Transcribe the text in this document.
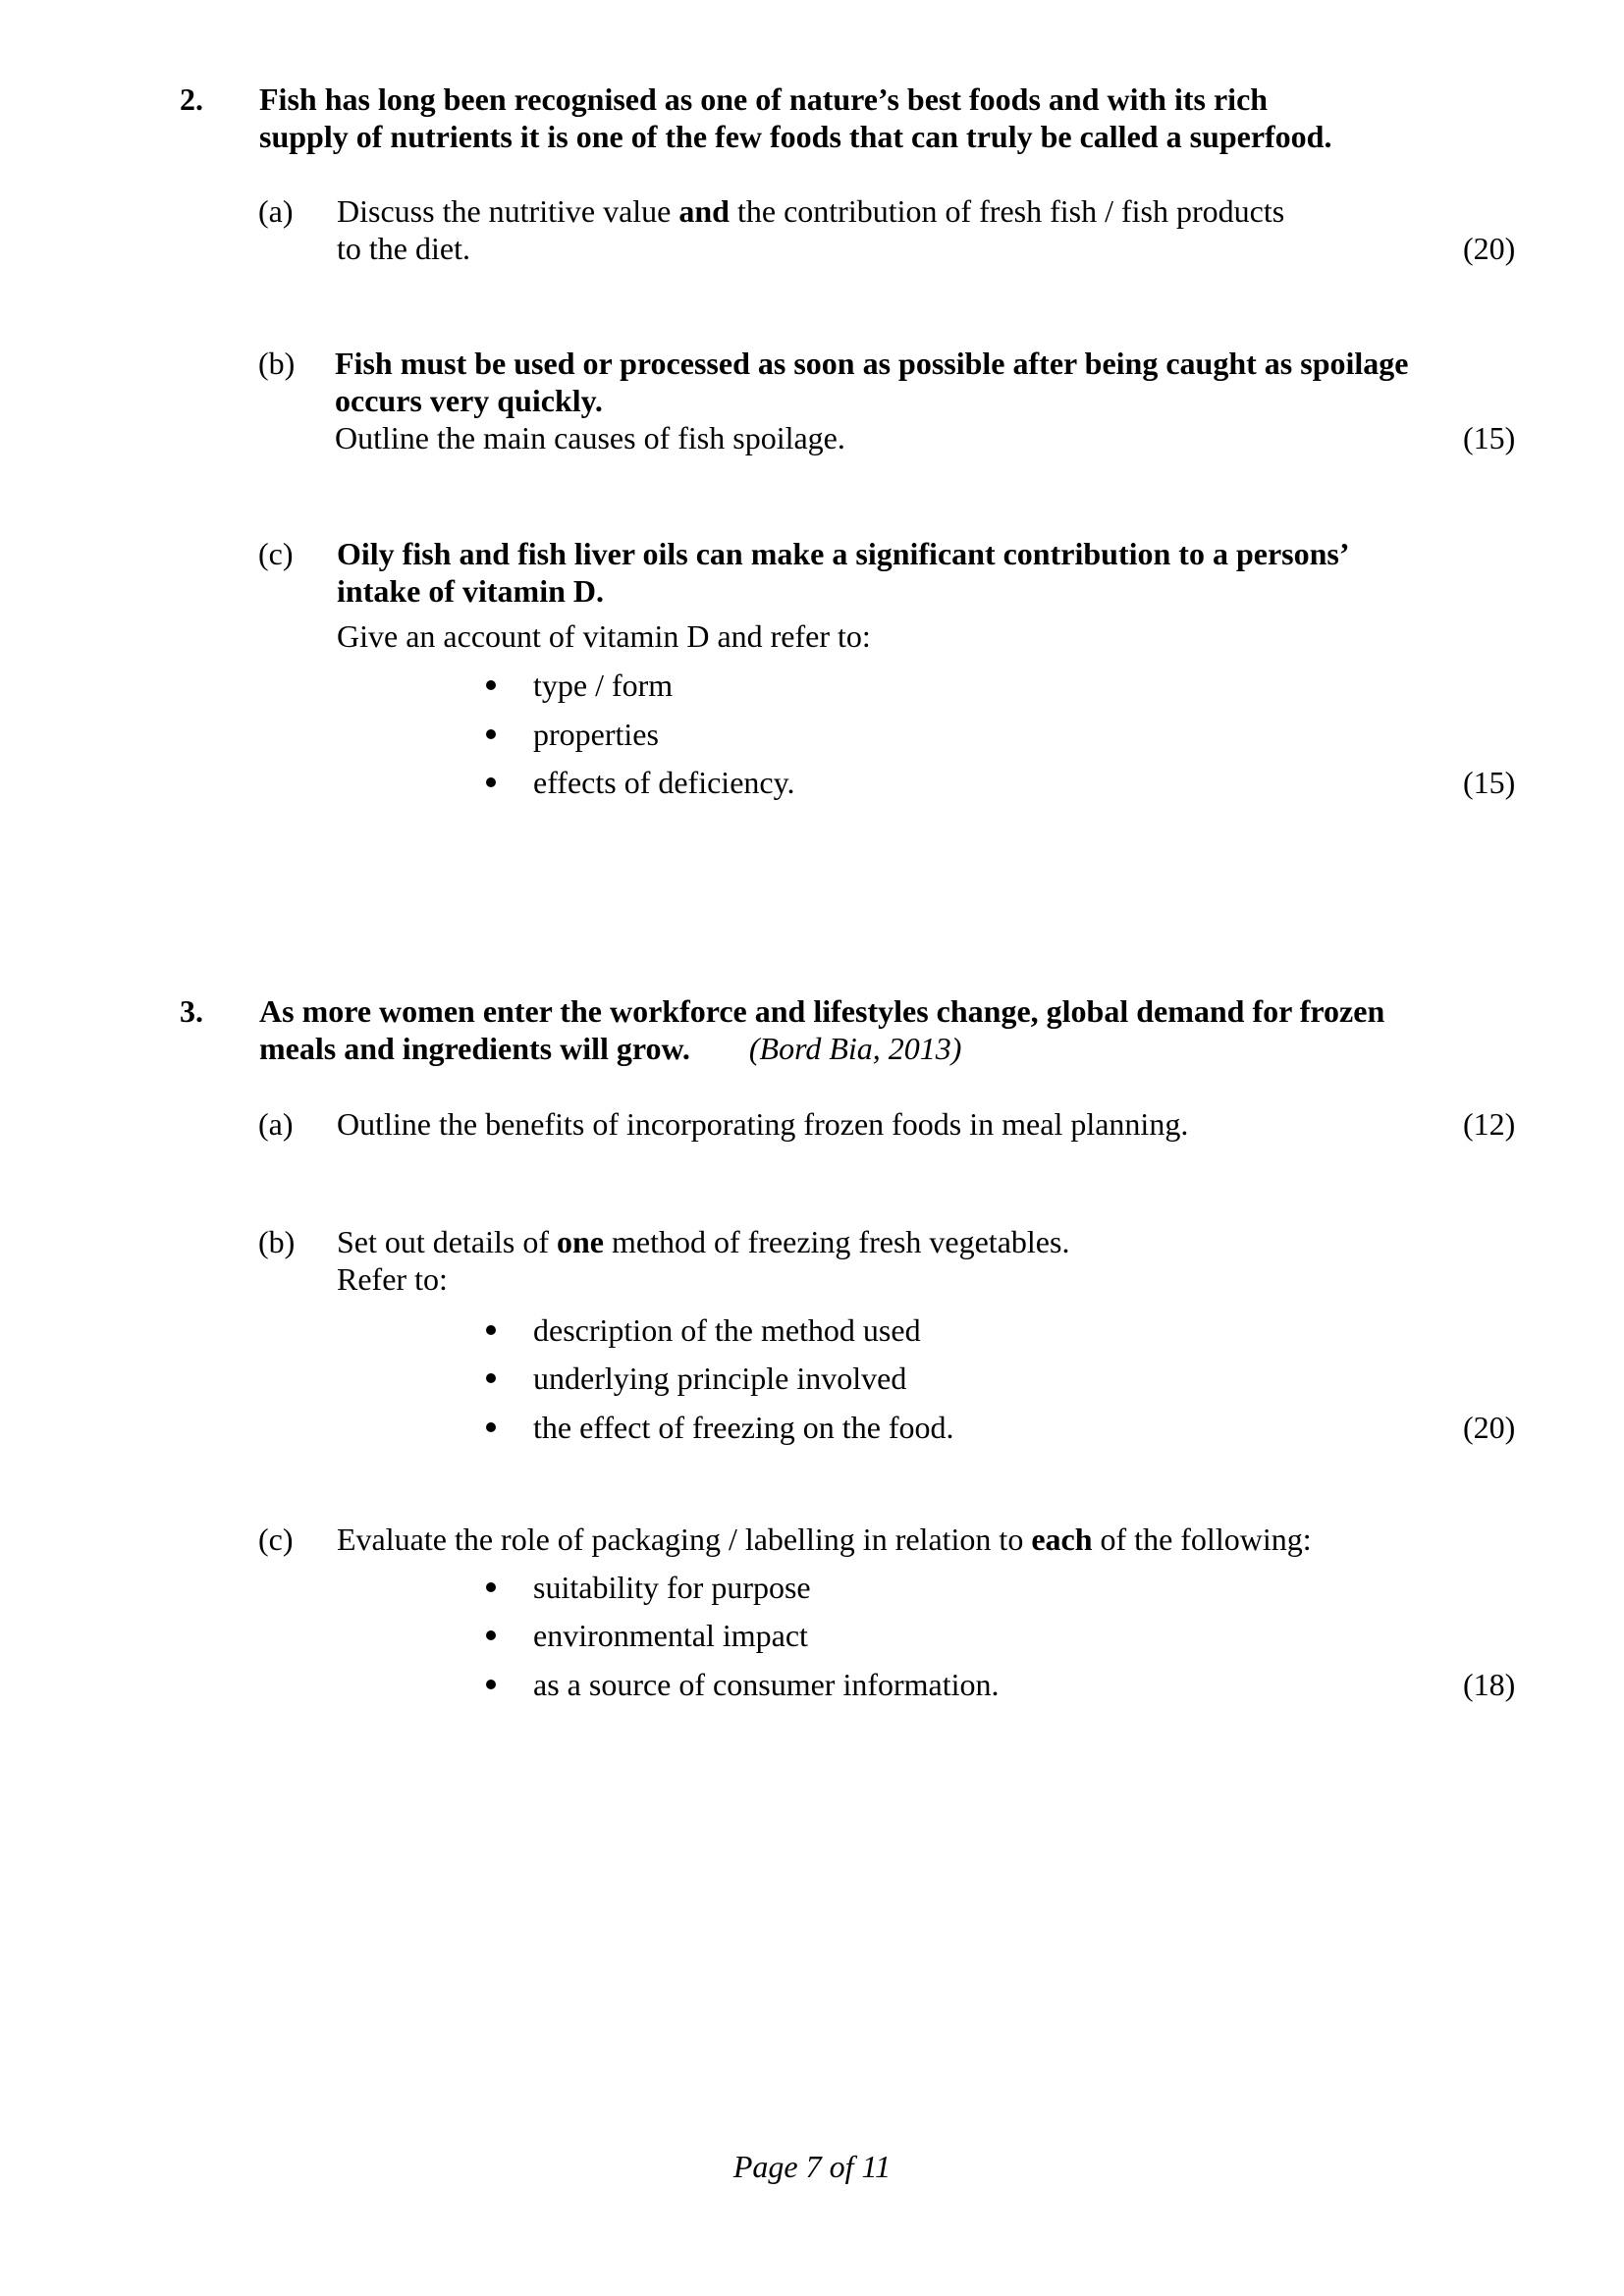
2. Fish has long been recognised as one of nature’s best foods and with its rich
supply of nutrients it is one of the few foods that can truly be called a superfood.
(a) Discuss the nutritive value and the contribution of fresh fish / fish products
to the diet.	(20)
(b) Fish must be used or processed as soon as possible after being caught as spoilage
occurs very quickly.
Outline the main causes of fish spoilage.	(15)
(c) Oily fish and fish liver oils can make a significant contribution to a persons’
intake of vitamin D.
Give an account of vitamin D and refer to:
type / form
properties
effects of deficiency.	(15)
3. As more women enter the workforce and lifestyles change, global demand for frozen
meals and ingredients will grow. (Bord Bia, 2013)
(a) Outline the benefits of incorporating frozen foods in meal planning.	(12)
(b) Set out details of one method of freezing fresh vegetables.
Refer to:
description of the method used
underlying principle involved
the effect of freezing on the food.	(20)
(c) Evaluate the role of packaging / labelling in relation to each of the following:
suitability for purpose
environmental impact
as a source of consumer information.	(18)
Page 7 of 11
